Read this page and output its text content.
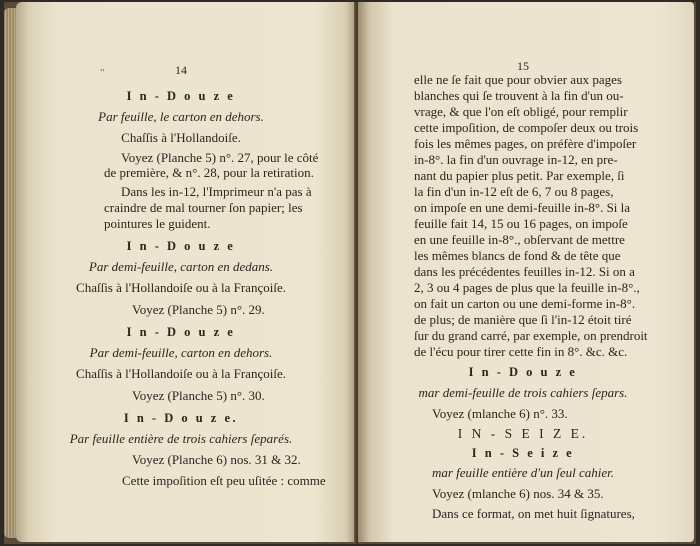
"	14
I n - D o u z e
Par feuille, le carton en dehors.
Chaſſis à l'Hollandoiſe.
Voyez (Planche 5) n°. 27, pour le côté
de première, & n°. 28, pour la retiration.
Dans les in-12, l'Imprimeur n'a pas à
craindre de mal tourner ſon papier; les
pointures le guident.
I n - D o u z e
Par demi-feuille, carton en dedans.
Chaſſis à l'Hollandoiſe ou à la Françoiſe.
Voyez (Planche 5) n°. 29.
I n - D o u z e
Par demi-feuille, carton en dehors.
Chaſſis à l'Hollandoiſe ou à la Françoiſe.
Voyez (Planche 5) n°. 30.
I n - D o u z e.
Par feuille entière de trois cahiers ſeparés.
Voyez (Planche 6) nos. 31 & 32.
Cette impoſition eſt peu uſitée : comme
15
elle ne ſe fait que pour obvier aux pages
blanches qui ſe trouvent à la fin d'un ou-
vrage, & que l'on eſt obligé, pour remplir
cette impoſition, de compoſer deux ou trois
fois les mêmes pages, on préfère d'impoſer
in-8°. la fin d'un ouvrage in-12, en pre-
nant du papier plus petit. Par exemple, ſi
la fin d'un in-12 eſt de 6, 7 ou 8 pages,
on impoſe en une demi-feuille in-8°. Si la
feuille fait 14, 15 ou 16 pages, on impoſe
en une feuille in-8°., obſervant de mettre
les mêmes blancs de fond & de tête que
dans les précédentes feuilles in-12. Si on a
2, 3 ou 4 pages de plus que la feuille in-8°.,
on fait un carton ou une demi-forme in-8°.
de plus; de manière que ſi l'in-12 étoit tiré
ſur du grand carré, par exemple, on prendroit
de l'écu pour tirer cette fin in 8°. &c. &c.
I n - D o u z e
mar demi-feuille de trois cahiers ſepars.
Voyez (mlanche 6) n°. 33.
I N - S E I Z E.
I n - S e i z e
mar feuille entière d'un ſeul cahier.
Voyez (mlanche 6) nos. 34 & 35.
Dans ce format, on met huit ſignatures,
